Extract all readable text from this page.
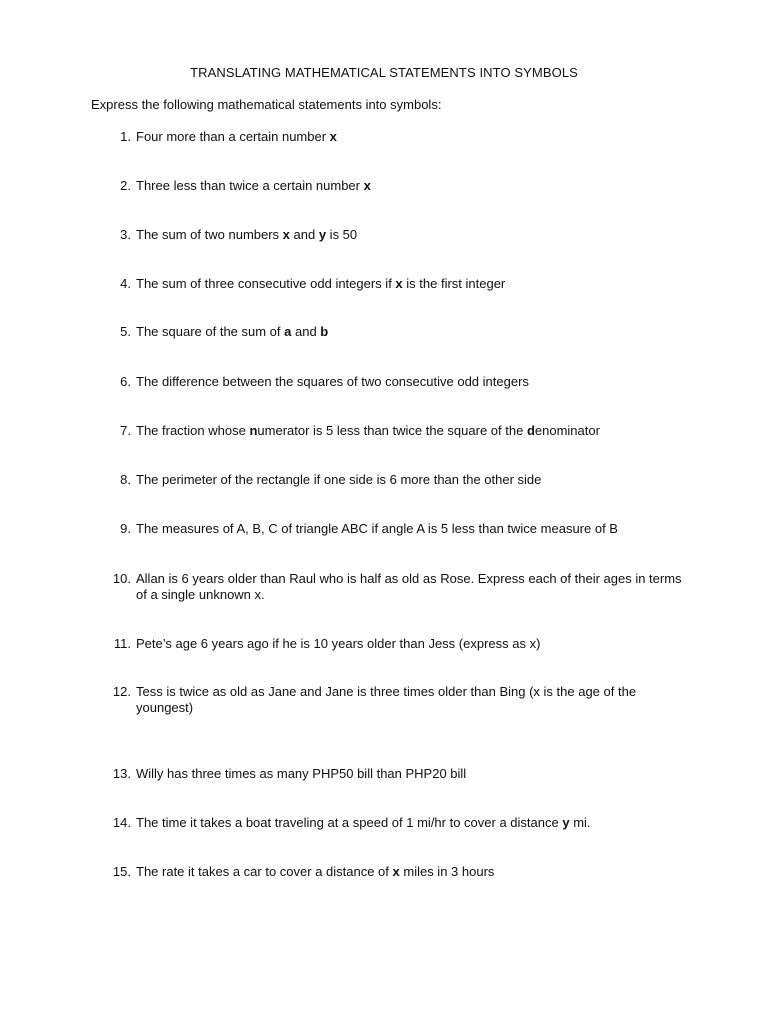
TRANSLATING MATHEMATICAL STATEMENTS INTO SYMBOLS
Express the following mathematical statements into symbols:
1. Four more than a certain number x
2. Three less than twice a certain number x
3. The sum of two numbers x and y is 50
4. The sum of three consecutive odd integers if x is the first integer
5. The square of the sum of a and b
6. The difference between the squares of two consecutive odd integers
7. The fraction whose numerator is 5 less than twice the square of the denominator
8. The perimeter of the rectangle if one side is 6 more than the other side
9. The measures of A, B, C of triangle ABC if angle A is 5 less than twice measure of B
10. Allan is 6 years older than Raul who is half as old as Rose. Express each of their ages in terms of a single unknown x.
11. Pete’s age 6 years ago if he is 10 years older than Jess (express as x)
12. Tess is twice as old as Jane and Jane is three times older than Bing (x is the age of the youngest)
13. Willy has three times as many PHP50 bill than PHP20 bill
14. The time it takes a boat traveling at a speed of 1 mi/hr to cover a distance y mi.
15. The rate it takes a car to cover a distance of x miles in 3 hours
